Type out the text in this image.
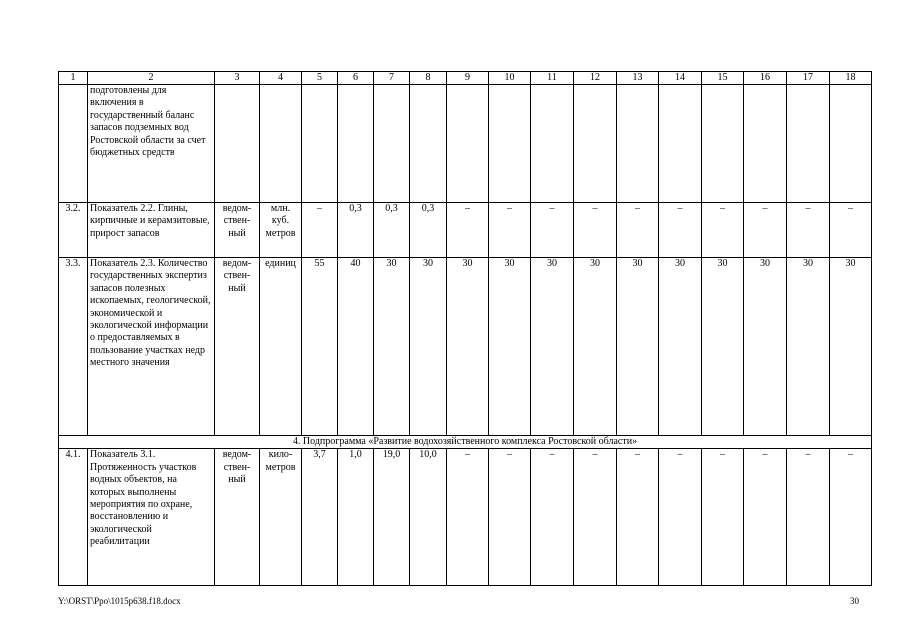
1	2	3	4	5	6	7	8	9	10	11	12	13	14	15	16	17	18
	подготовлены для включения в государственный баланс запасов подземных вод Ростовской области за счет бюджетных средств																
3.2.	Показатель 2.2. Глины, кирпичные и керамзитовые, прирост запасов	ведом-ствен-ный	млн. куб. метров	–	0,3	0,3	0,3	–	–	–	–	–	–	–	–	–	–
3.3.	Показатель 2.3. Количество государственных экспертиз запасов полезных ископаемых, геологической, экономической и экологической информации о предоставляемых в пользование участках недр местного значения	ведом-ствен-ный	единиц	55	40	30	30	30	30	30	30	30	30	30	30	30	30
4. Подпрограмма «Развитие водохозяйственного комплекса Ростовской области»																	
4.1.	Показатель 3.1. Протяженность участков водных объектов, на которых выполнены мероприятия по охране, восстановлению и экологической реабилитации	ведом-ствен-ный	кило-метров	3,7	1,0	19,0	10,0	–	–	–	–	–	–	–	–	–	–
Y:\ORST\Ppo\1015p638.f18.docx	30
